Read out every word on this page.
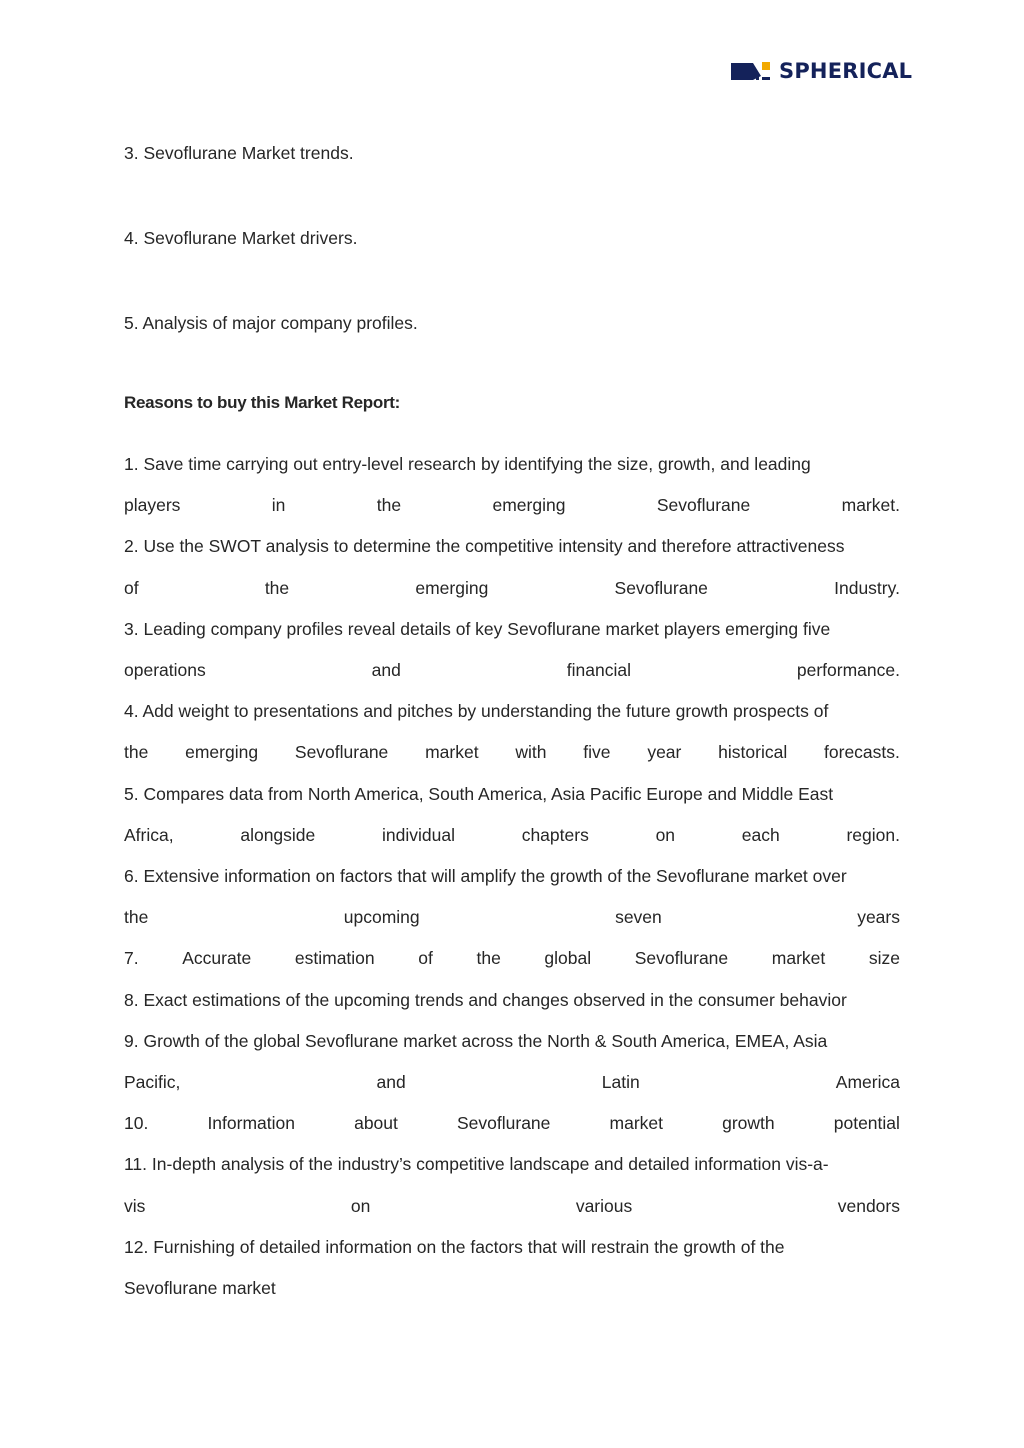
SPHERICAL
3. Sevoflurane Market trends.
4. Sevoflurane Market drivers.
5. Analysis of major company profiles.
Reasons to buy this Market Report:
1. Save time carrying out entry-level research by identifying the size, growth, and leading
players	in	the	emerging	Sevoflurane	market.
2. Use the SWOT analysis to determine the competitive intensity and therefore attractiveness
of	the	emerging	Sevoflurane	Industry.
3. Leading company profiles reveal details of key Sevoflurane market players emerging five
operations	and	financial	performance.
4. Add weight to presentations and pitches by understanding the future growth prospects of
the emerging Sevoflurane market with five year historical forecasts.
5. Compares data from North America, South America, Asia Pacific Europe and Middle East
Africa,	alongside	individual	chapters	on	each	region.
6. Extensive information on factors that will amplify the growth of the Sevoflurane market over
the	upcoming	seven	years
7. Accurate estimation of the global Sevoflurane market size
8. Exact estimations of the upcoming trends and changes observed in the consumer behavior
9. Growth of the global Sevoflurane market across the North & South America, EMEA, Asia
Pacific,	and	Latin	America
10.	Information	about	Sevoflurane	market	growth	potential
11. In-depth analysis of the industry’s competitive landscape and detailed information vis-a-
vis	on	various	vendors
12. Furnishing of detailed information on the factors that will restrain the growth of the
Sevoflurane market
